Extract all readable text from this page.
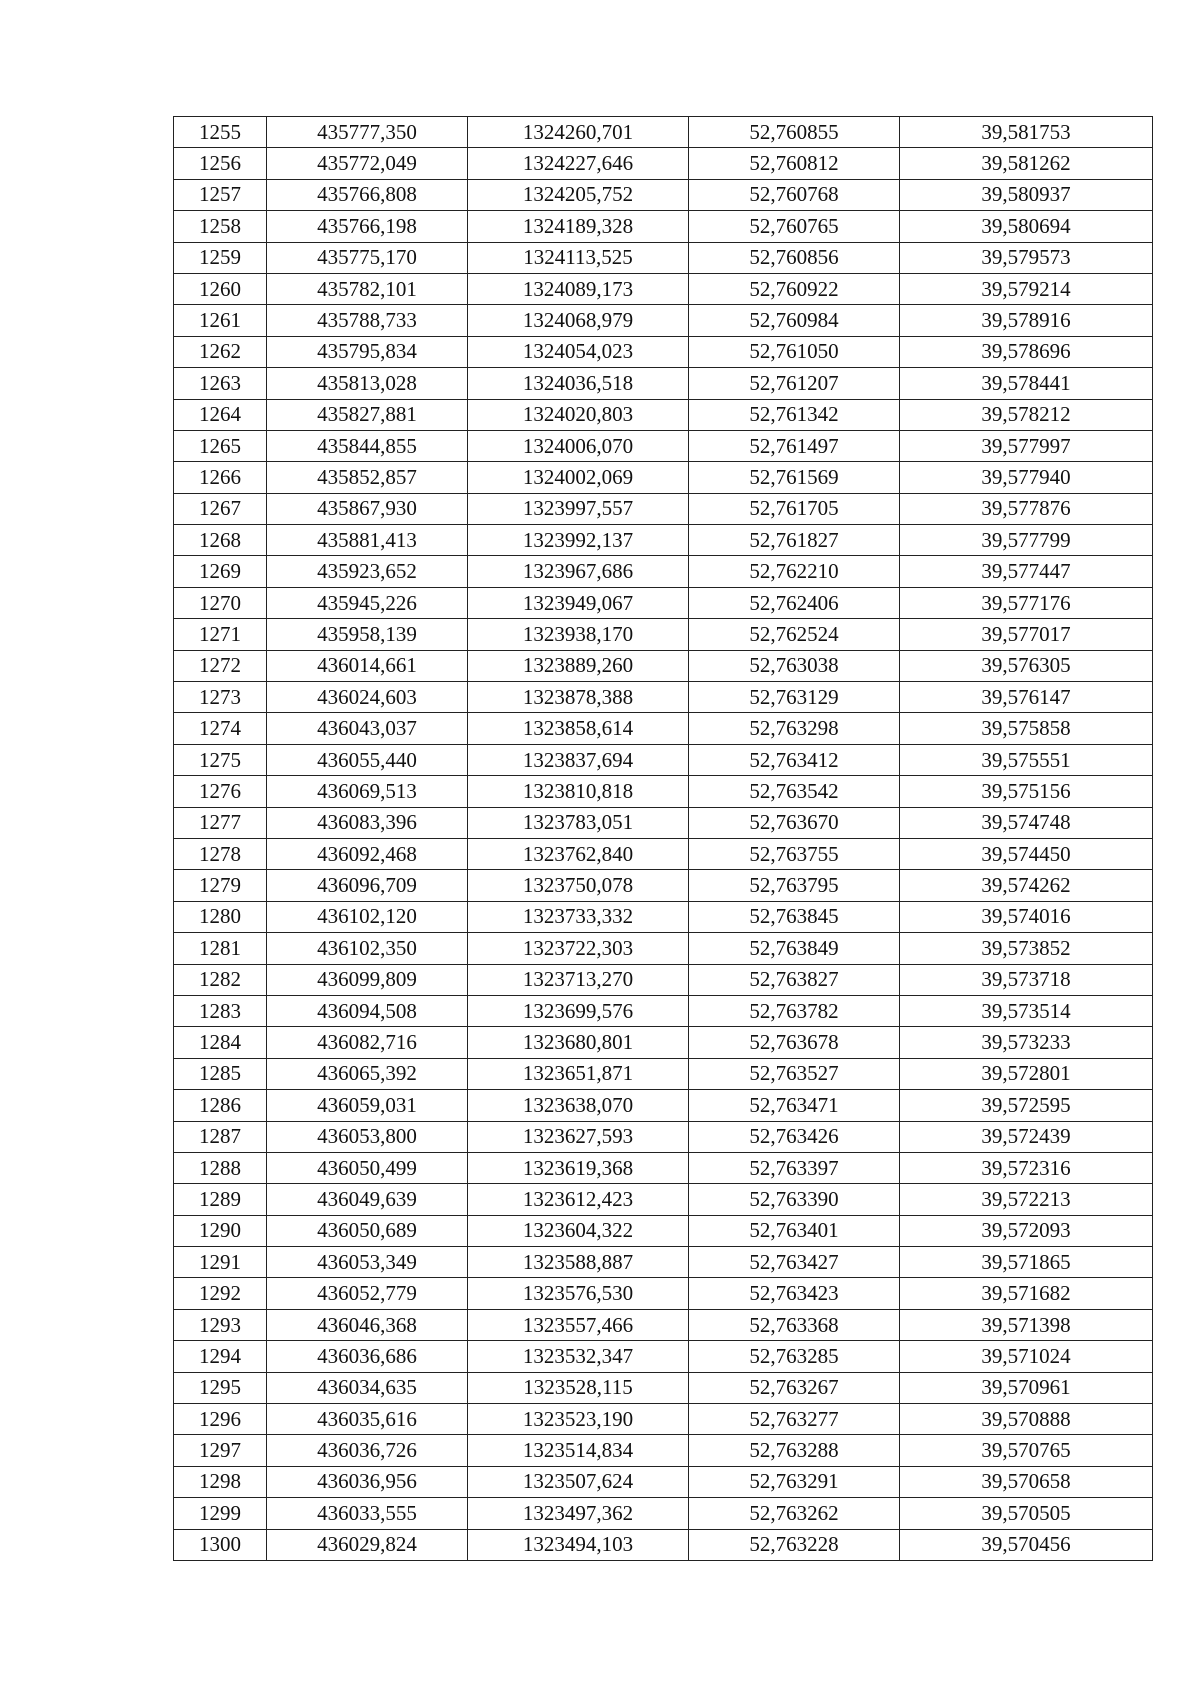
1255	435777,350	1324260,701	52,760855	39,581753
1256	435772,049	1324227,646	52,760812	39,581262
1257	435766,808	1324205,752	52,760768	39,580937
1258	435766,198	1324189,328	52,760765	39,580694
1259	435775,170	1324113,525	52,760856	39,579573
1260	435782,101	1324089,173	52,760922	39,579214
1261	435788,733	1324068,979	52,760984	39,578916
1262	435795,834	1324054,023	52,761050	39,578696
1263	435813,028	1324036,518	52,761207	39,578441
1264	435827,881	1324020,803	52,761342	39,578212
1265	435844,855	1324006,070	52,761497	39,577997
1266	435852,857	1324002,069	52,761569	39,577940
1267	435867,930	1323997,557	52,761705	39,577876
1268	435881,413	1323992,137	52,761827	39,577799
1269	435923,652	1323967,686	52,762210	39,577447
1270	435945,226	1323949,067	52,762406	39,577176
1271	435958,139	1323938,170	52,762524	39,577017
1272	436014,661	1323889,260	52,763038	39,576305
1273	436024,603	1323878,388	52,763129	39,576147
1274	436043,037	1323858,614	52,763298	39,575858
1275	436055,440	1323837,694	52,763412	39,575551
1276	436069,513	1323810,818	52,763542	39,575156
1277	436083,396	1323783,051	52,763670	39,574748
1278	436092,468	1323762,840	52,763755	39,574450
1279	436096,709	1323750,078	52,763795	39,574262
1280	436102,120	1323733,332	52,763845	39,574016
1281	436102,350	1323722,303	52,763849	39,573852
1282	436099,809	1323713,270	52,763827	39,573718
1283	436094,508	1323699,576	52,763782	39,573514
1284	436082,716	1323680,801	52,763678	39,573233
1285	436065,392	1323651,871	52,763527	39,572801
1286	436059,031	1323638,070	52,763471	39,572595
1287	436053,800	1323627,593	52,763426	39,572439
1288	436050,499	1323619,368	52,763397	39,572316
1289	436049,639	1323612,423	52,763390	39,572213
1290	436050,689	1323604,322	52,763401	39,572093
1291	436053,349	1323588,887	52,763427	39,571865
1292	436052,779	1323576,530	52,763423	39,571682
1293	436046,368	1323557,466	52,763368	39,571398
1294	436036,686	1323532,347	52,763285	39,571024
1295	436034,635	1323528,115	52,763267	39,570961
1296	436035,616	1323523,190	52,763277	39,570888
1297	436036,726	1323514,834	52,763288	39,570765
1298	436036,956	1323507,624	52,763291	39,570658
1299	436033,555	1323497,362	52,763262	39,570505
1300	436029,824	1323494,103	52,763228	39,570456
